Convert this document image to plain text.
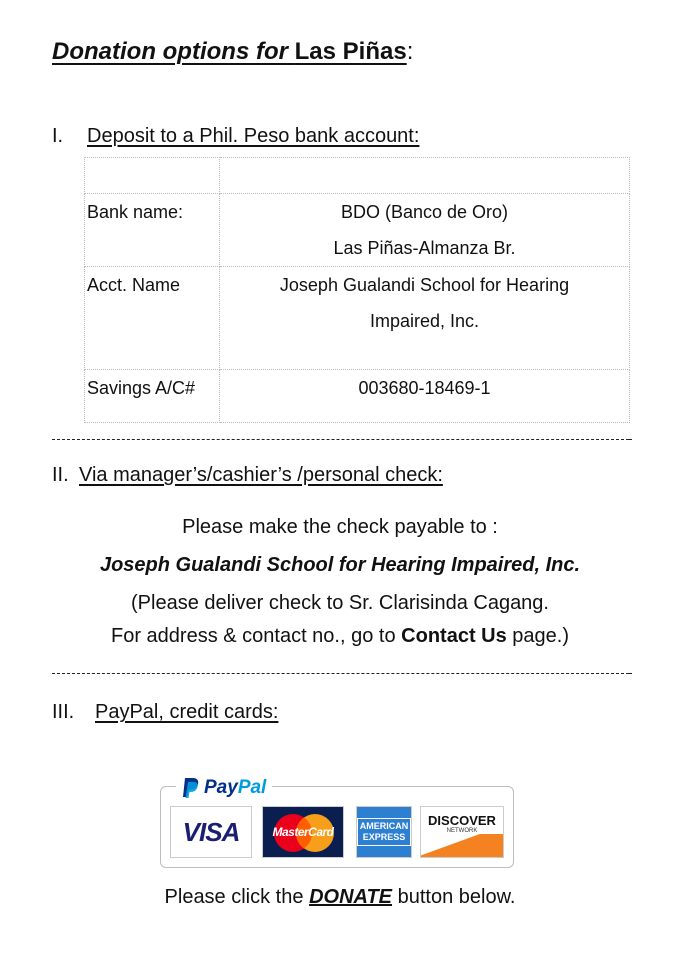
Donation options for Las Piñas:
I. Deposit to a Phil. Peso bank account:

Bank name:	BDO (Banco de Oro)
Las Piñas-Almanza Br.

Acct. Name	Joseph Gualandi School for Hearing
Impaired, Inc.

Savings A/C#	003680-18469-1
II. Via manager’s/cashier’s /personal check:
Please make the check payable to :
Joseph Gualandi School for Hearing Impaired, Inc.
(Please deliver check to Sr. Clarisinda Cagang.
For address & contact no., go to Contact Us page.)
III. PayPal, credit cards:
PayPal
VISA	MasterCard	AMERICAN EXPRESS
DISCOVER
NETWORK
Please click the DONATE button below.
